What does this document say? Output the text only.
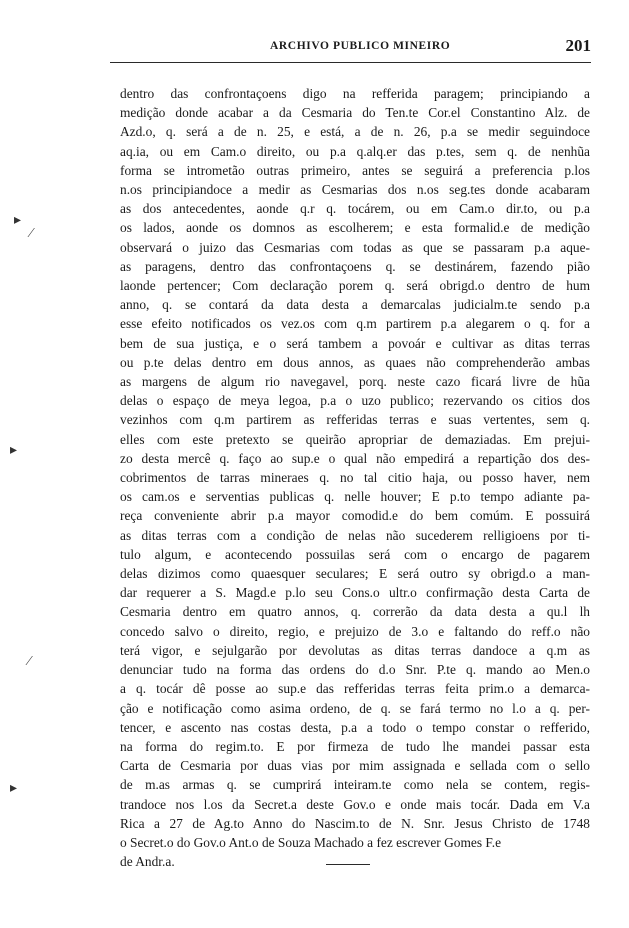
ARCHIVO PUBLICO MINEIRO	201
dentro das confrontaçoens digo na refferida paragem; principiando a
medição donde acabar a da Cesmaria do Ten.te Cor.el Constantino Alz. de
Azd.o, q. será a de n. 25, e está, a de n. 26, p.a se medir seguindoce
aq.ia, ou em Cam.o direito, ou p.a q.alq.er das p.tes, sem q. de nenhũa
forma se intrometão outras primeiro, antes se seguirá a preferencia p.los
n.os principiandoce a medir as Cesmarias dos n.os seg.tes donde acabaram
as dos antecedentes, aonde q.r q. tocárem, ou em Cam.o dir.to, ou p.a
os lados, aonde os domnos as escolherem; e esta formalid.e de medição
observará o juizo das Cesmarias com todas as que se passaram p.a aque-
as paragens, dentro das confrontaçoens q. se destinárem, fazendo pião
laonde pertencer; Com declaração porem q. será obrigd.o dentro de hum
anno, q. se contará da data desta a demarcalas judicialm.te sendo p.a
esse efeito notificados os vez.os com q.m partirem p.a alegarem o q. for a
bem de sua justiça, e o será tambem a povoár e cultivar as ditas terras
ou p.te delas dentro em dous annos, as quaes não comprehenderão ambas
as margens de algum rio navegavel, porq. neste cazo ficará livre de hũa
delas o espaço de meya legoa, p.a o uzo publico; rezervando os citios dos
vezinhos com q.m partirem as refferidas terras e suas vertentes, sem q.
elles com este pretexto se queirão apropriar de demaziadas. Em prejui-
zo desta mercê q. faço ao sup.e o qual não empedirá a repartição dos des-
cobrimentos de tarras mineraes q. no tal citio haja, ou posso haver, nem
os cam.os e serventias publicas q. nelle houver; E p.to tempo adiante pa-
reça conveniente abrir p.a mayor comodid.e do bem comúm. E possuirá
as ditas terras com a condição de nelas não sucederem relligioens por ti-
tulo algum, e acontecendo possuilas será com o encargo de pagarem
delas dizimos como quaesquer seculares; E será outro sy obrigd.o a man-
dar requerer a S. Magd.e p.lo seu Cons.o ultr.o confirmação desta Carta de
Cesmaria dentro em quatro annos, q. correrão da data desta a qu.l lh
concedo salvo o direito, regio, e prejuizo de 3.o e faltando do reff.o não
terá vigor, e sejulgarão por devolutas as ditas terras dandoce a q.m as
denunciar tudo na forma das ordens do d.o Snr. P.te q. mando ao Men.o
a q. tocár dê posse ao sup.e das refferidas terras feita prim.o a demarca-
ção e notificação como asima ordeno, de q. se fará termo no l.o a q. per-
tencer, e ascento nas costas desta, p.a a todo o tempo constar o refferido,
na forma do regim.to. E por firmeza de tudo lhe mandei passar esta
Carta de Cesmaria por duas vias por mim assignada e sellada com o sello
de m.as armas q. se cumprirá inteiram.te como nela se contem, regis-
trandoce nos l.os da Secret.a deste Gov.o e onde mais tocár. Dada em V.a
Rica a 27 de Ag.to Anno do Nascim.to de N. Snr. Jesus Christo de 1748
o Secret.o do Gov.o Ant.o de Souza Machado a fez escrever Gomes F.e
de Andr.a.
▸
⁄
▸
⁄
▸
